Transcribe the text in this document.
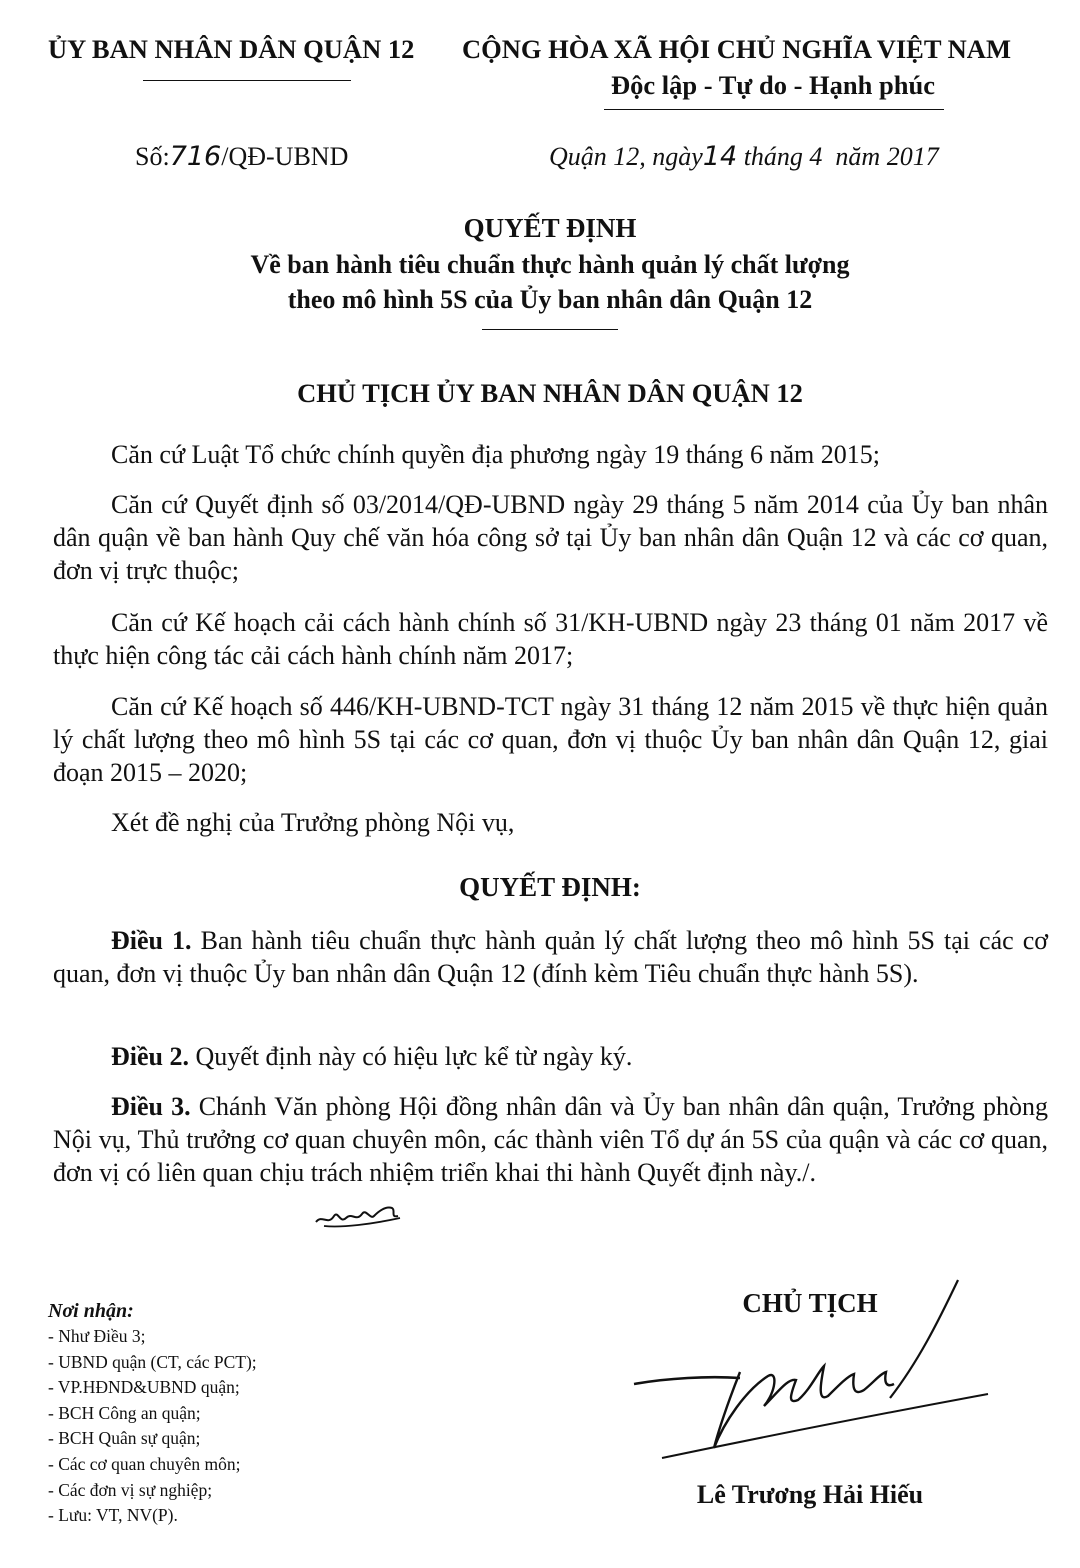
ỦY BAN NHÂN DÂN QUẬN 12 CỘNG HÒA XÃ HỘI CHỦ NGHĨA VIỆT NAM
Độc lập - Tự do - Hạnh phúc
Số:716/QĐ-UBND	Quận 12, ngày14 tháng 4  năm 2017
QUYẾT ĐỊNH
Về ban hành tiêu chuẩn thực hành quản lý chất lượng
theo mô hình 5S của Ủy ban nhân dân Quận 12
CHỦ TỊCH ỦY BAN NHÂN DÂN QUẬN 12

Căn cứ Luật Tổ chức chính quyền địa phương ngày 19 tháng 6 năm 2015;

Căn cứ Quyết định số 03/2014/QĐ-UBND ngày 29 tháng 5 năm 2014 của Ủy ban nhân dân quận về ban hành Quy chế văn hóa công sở tại Ủy ban nhân dân Quận 12 và các cơ quan, đơn vị trực thuộc;

Căn cứ Kế hoạch cải cách hành chính số 31/KH-UBND ngày 23 tháng 01 năm 2017 về thực hiện công tác cải cách hành chính năm 2017;

Căn cứ Kế hoạch số 446/KH-UBND-TCT ngày 31 tháng 12 năm 2015 về thực hiện quản lý chất lượng theo mô hình 5S tại các cơ quan, đơn vị thuộc Ủy ban nhân dân Quận 12, giai đoạn 2015 – 2020;

Xét đề nghị của Trưởng phòng Nội vụ,

QUYẾT ĐỊNH:

Điều 1. Ban hành tiêu chuẩn thực hành quản lý chất lượng theo mô hình 5S tại các cơ quan, đơn vị thuộc Ủy ban nhân dân Quận 12 (đính kèm Tiêu chuẩn thực hành 5S).

Điều 2. Quyết định này có hiệu lực kể từ ngày ký.

Điều 3. Chánh Văn phòng Hội đồng nhân dân và Ủy ban nhân dân quận, Trưởng phòng Nội vụ, Thủ trưởng cơ quan chuyên môn, các thành viên Tổ dự án 5S của quận và các cơ quan, đơn vị có liên quan chịu trách nhiệm triển khai thi hành Quyết định này./.

Nơi nhận:
- Như Điều 3;
- UBND quận (CT, các PCT);
- VP.HĐND&UBND quận;
- BCH Công an quận;
- BCH Quân sự quận;
- Các cơ quan chuyên môn;
- Các đơn vị sự nghiệp;
- Lưu: VT, NV(P).
CHỦ TỊCH
Lê Trương Hải Hiếu
